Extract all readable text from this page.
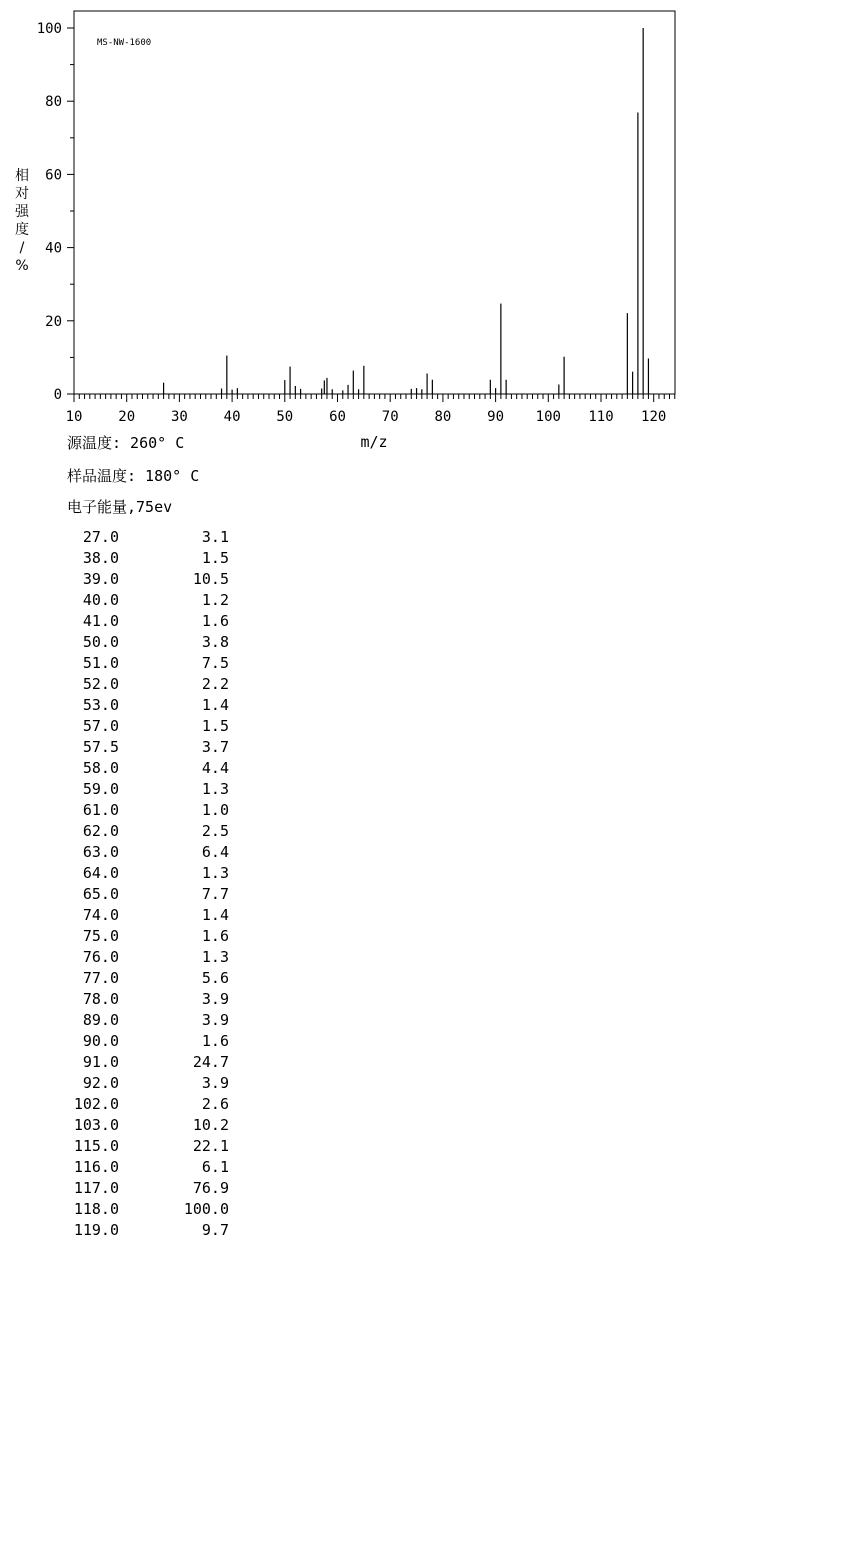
MS-NW-1600
0
20
40
60
80
100
10	20	30	40	50	60	70	80	90 100 110 120
m/z
相对强度/ %
源温度: 260° C
样品温度: 180° C
电子能量,75ev
27.0	3.1
38.0	1.5
39.0	10.5
40.0	1.2
41.0	1.6
50.0	3.8
51.0	7.5
52.0	2.2
53.0	1.4
57.0	1.5
57.5	3.7
58.0	4.4
59.0	1.3
61.0	1.0
62.0	2.5
63.0	6.4
64.0	1.3
65.0	7.7
74.0	1.4
75.0	1.6
76.0	1.3
77.0	5.6
78.0	3.9
89.0	3.9
90.0	1.6
91.0	24.7
92.0	3.9
102.0	2.6
103.0	10.2
115.0	22.1
116.0	6.1
117.0	76.9
118.0	100.0
119.0	9.7
